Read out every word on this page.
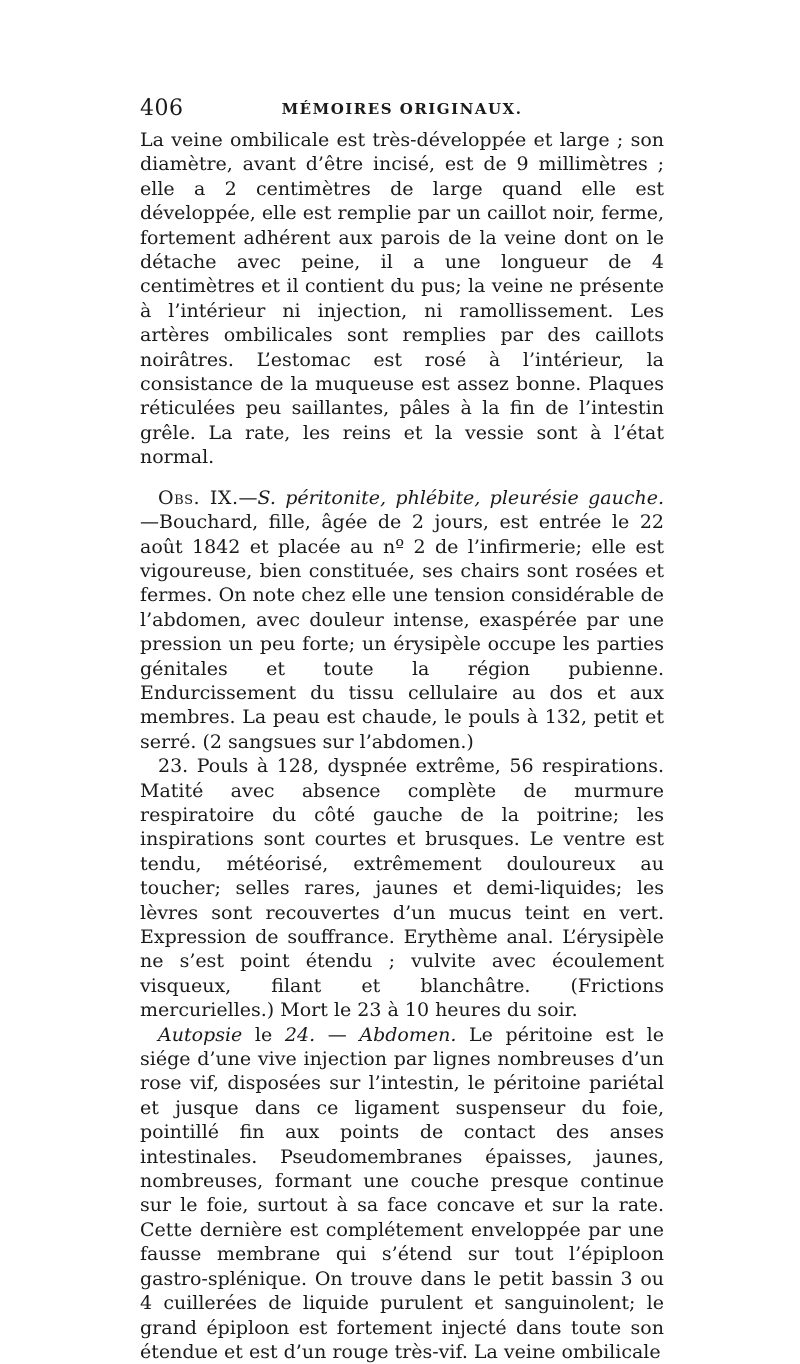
406	MÉMOIRES ORIGINAUX.

La veine ombilicale est très-développée et large ; son diamètre, avant d’être incisé, est de 9 millimètres ; elle a 2 centimètres de large quand elle est développée, elle est remplie par un caillot noir, ferme, fortement adhérent aux parois de la veine dont on le détache avec peine, il a une longueur de 4 centimètres et il contient du pus; la veine ne présente à l’intérieur ni injection, ni ramollissement. Les artères ombilicales sont remplies par des caillots noirâtres. L’estomac est rosé à l’intérieur, la consistance de la muqueuse est assez bonne. Plaques réticulées peu saillantes, pâles à la fin de l’intestin grêle. La rate, les reins et la vessie sont à l’état normal.

Obs. IX.—S. péritonite, phlébite, pleurésie gauche.—Bouchard, fille, âgée de 2 jours, est entrée le 22 août 1842 et placée au nº 2 de l’infirmerie; elle est vigoureuse, bien constituée, ses chairs sont rosées et fermes. On note chez elle une tension considérable de l’abdomen, avec douleur intense, exaspérée par une pression un peu forte; un érysipèle occupe les parties génitales et toute la région pubienne. Endurcissement du tissu cellulaire au dos et aux membres. La peau est chaude, le pouls à 132, petit et serré. (2 sangsues sur l’abdomen.)

23. Pouls à 128, dyspnée extrême, 56 respirations. Matité avec absence complète de murmure respiratoire du côté gauche de la poitrine; les inspirations sont courtes et brusques. Le ventre est tendu, météorisé, extrêmement douloureux au toucher; selles rares, jaunes et demi-liquides; les lèvres sont recouvertes d’un mucus teint en vert. Expression de souffrance. Erythème anal. L’érysipèle ne s’est point étendu ; vulvite avec écoulement visqueux, filant et blanchâtre. (Frictions mercurielles.) Mort le 23 à 10 heures du soir.

Autopsie le 24. — Abdomen. Le péritoine est le siége d’une vive injection par lignes nombreuses d’un rose vif, disposées sur l’intestin, le péritoine pariétal et jusque dans ce ligament suspenseur du foie, pointillé fin aux points de contact des anses intestinales. Pseudomembranes épaisses, jaunes, nombreuses, formant une couche presque continue sur le foie, surtout à sa face concave et sur la rate. Cette dernière est complétement enveloppée par une fausse membrane qui s’étend sur tout l’épiploon gastro-splénique. On trouve dans le petit bassin 3 ou 4 cuillerées de liquide purulent et sanguinolent; le grand épiploon est fortement injecté dans toute son étendue et est d’un rouge très-vif. La veine ombilicale
